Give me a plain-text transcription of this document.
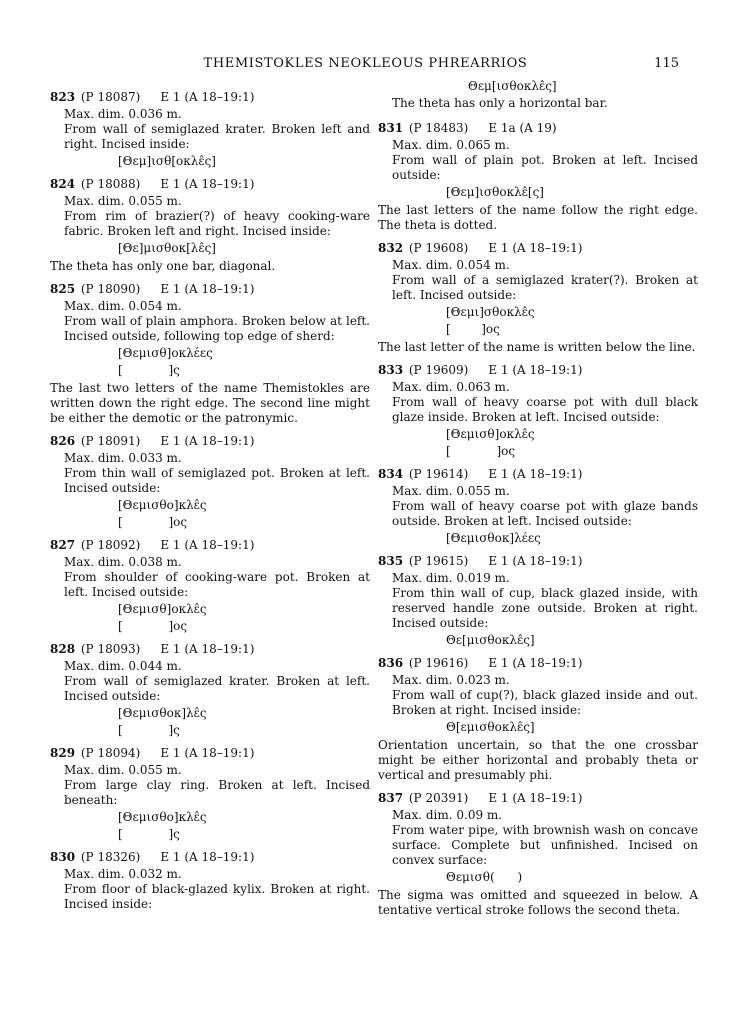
THEMISTOKLES NEOKLEOUS PHREARRIOS	115
823 (P 18087) E 1 (A 18–19:1)
Max. dim. 0.036 m.
From wall of semiglazed krater. Broken left and right. Incised inside:
[Θεμ]ισθ[οκλε̂ς]
824 (P 18088) E 1 (A 18–19:1)
Max. dim. 0.055 m.
From rim of brazier(?) of heavy cooking-ware fabric. Broken left and right. Incised inside:
[Θε]μισθοκ[λε̂ς]
The theta has only one bar, diagonal.
825 (P 18090) E 1 (A 18–19:1)
Max. dim. 0.054 m.
From wall of plain amphora. Broken below at left. Incised outside, following top edge of sherd:
[Θεμισθ]οκλέες
[            ]ς
The last two letters of the name Themistokles are written down the right edge. The second line might be either the demotic or the patronymic.
826 (P 18091) E 1 (A 18–19:1)
Max. dim. 0.033 m.
From thin wall of semiglazed pot. Broken at left. Incised outside:
[Θεμισθο]κλε̂ς
[            ]ος
827 (P 18092) E 1 (A 18–19:1)
Max. dim. 0.038 m.
From shoulder of cooking-ware pot. Broken at left. Incised outside:
[Θεμισθ]οκλε̂ς
[            ]ος
828 (P 18093) E 1 (A 18–19:1)
Max. dim. 0.044 m.
From wall of semiglazed krater. Broken at left. Incised outside:
[Θεμισθοκ]λε̂ς
[            ]ς
829 (P 18094) E 1 (A 18–19:1)
Max. dim. 0.055 m.
From large clay ring. Broken at left. Incised beneath:
[Θεμισθο]κλε̂ς
[            ]ς
830 (P 18326) E 1 (A 18–19:1)
Max. dim. 0.032 m.
From floor of black-glazed kylix. Broken at right. Incised inside:
Θεμ[ισθοκλε̂ς]
The theta has only a horizontal bar.
831 (P 18483) E 1a (A 19)
Max. dim. 0.065 m.
From wall of plain pot. Broken at left. Incised outside:
[Θεμ]ισθοκλε̂[ς]
The last letters of the name follow the right edge. The theta is dotted.
832 (P 19608) E 1 (A 18–19:1)
Max. dim. 0.054 m.
From wall of a semiglazed krater(?). Broken at left. Incised outside:
[Θεμι]σθοκλε̂ς
[        ]ος
The last letter of the name is written below the line.
833 (P 19609) E 1 (A 18–19:1)
Max. dim. 0.063 m.
From wall of heavy coarse pot with dull black glaze inside. Broken at left. Incised outside:
[Θεμισθ]οκλε̂ς
[            ]ος
834 (P 19614) E 1 (A 18–19:1)
Max. dim. 0.055 m.
From wall of heavy coarse pot with glaze bands outside. Broken at left. Incised outside:
[Θεμισθοκ]λέες
835 (P 19615) E 1 (A 18–19:1)
Max. dim. 0.019 m.
From thin wall of cup, black glazed inside, with reserved handle zone outside. Broken at right. Incised outside:
Θε[μισθοκλε̂ς]
836 (P 19616) E 1 (A 18–19:1)
Max. dim. 0.023 m.
From wall of cup(?), black glazed inside and out. Broken at right. Incised inside:
Θ[εμισθοκλε̂ς]
Orientation uncertain, so that the one crossbar might be either horizontal and probably theta or vertical and presumably phi.
837 (P 20391) E 1 (A 18–19:1)
Max. dim. 0.09 m.
From water pipe, with brownish wash on concave surface. Complete but unfinished. Incised on convex surface:
Θεμισθ(      )
The sigma was omitted and squeezed in below. A tentative vertical stroke follows the second theta.
